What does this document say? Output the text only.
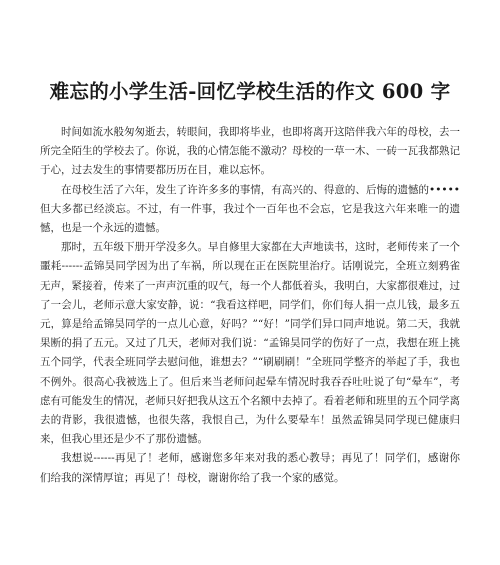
难忘的小学生活-回忆学校生活的作文 600 字

时间如流水般匆匆逝去，转眼间，我即将毕业，也即将离开这陪伴我六年的母校，去一所完全陌生的学校去了。你说，我的心情怎能不激动？母校的一草一木、一砖一瓦我都熟记于心，过去发生的事情要都历历在目，难以忘怀。

在母校生活了六年，发生了许许多多的事情，有高兴的、得意的、后悔的遗憾的•••••但大多都已经淡忘。不过，有一件事，我过个一百年也不会忘，它是我这六年来唯一的遗憾，也是一个永远的遗憾。

那时，五年级下册开学没多久。早自修里大家都在大声地读书，这时，老师传来了一个噩耗------孟锦昊同学因为出了车祸，所以现在正在医院里治疗。话刚说完，全班立刻鸦雀无声，紧接着，传来了一声声沉重的叹气，每一个人都低着头，我明白，大家都很难过，过了一会儿，老师示意大家安静，说：“我看这样吧，同学们，你们每人捐一点儿钱，最多五元，算是给孟锦昊同学的一点儿心意，好吗？”“好！”同学们异口同声地说。第二天，我就果断的捐了五元。又过了几天，老师对我们说：“孟锦昊同学的伤好了一点，我想在班上挑五个同学，代表全班同学去慰问他，谁想去？”“刷刷刷！”全班同学整齐的举起了手，我也不例外。很高心我被选上了。但后来当老师问起晕车情况时我吞吞吐吐说了句“晕车”，考虑有可能发生的情况，老师只好把我从这五个名额中去掉了。看着老师和班里的五个同学离去的背影，我很遗憾，也很失落，我恨自己，为什么要晕车！虽然孟锦昊同学现已健康归来，但我心里还是少不了那份遗憾。

我想说------再见了！老师，感谢您多年来对我的悉心教导；再见了！同学们，感谢你们给我的深情厚谊；再见了！母校，谢谢你给了我一个家的感觉。
